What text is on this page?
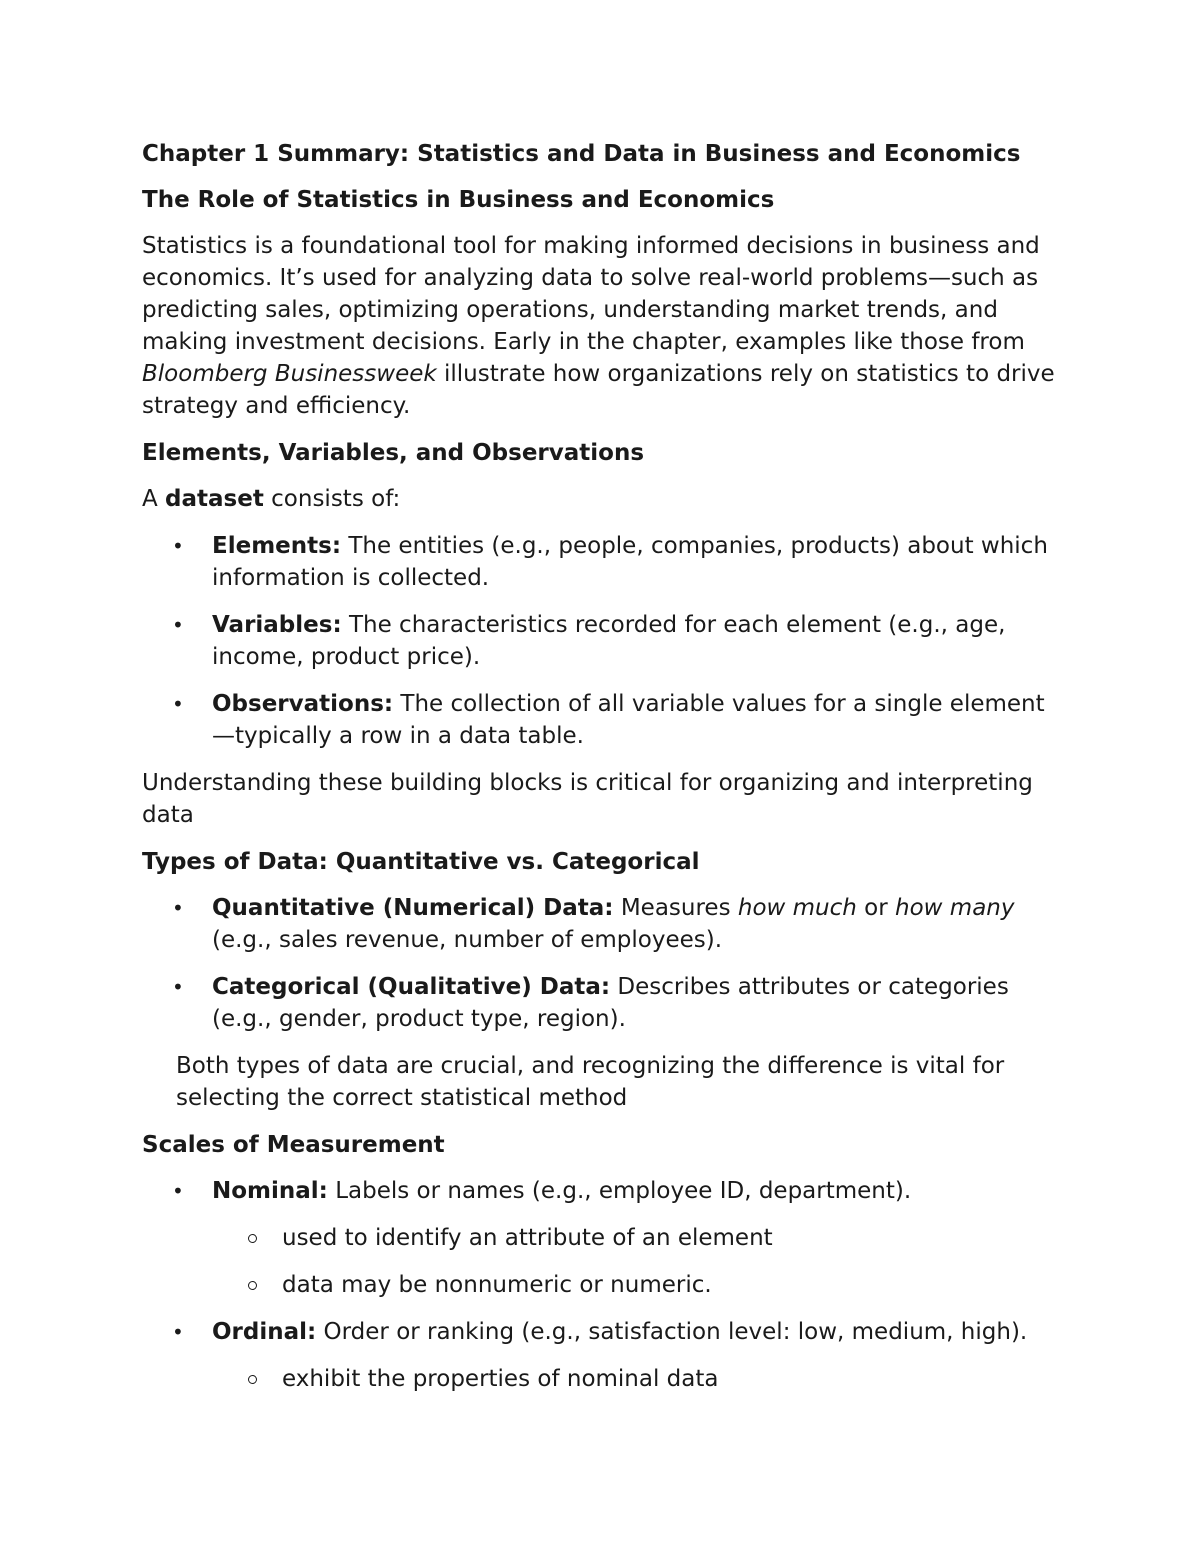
Chapter 1 Summary: Statistics and Data in Business and Economics
The Role of Statistics in Business and Economics

Statistics is a foundational tool for making informed decisions in business and economics. It’s used for analyzing data to solve real-world problems—such as predicting sales, optimizing operations, understanding market trends, and making investment decisions. Early in the chapter, examples like those from Bloomberg Businessweek illustrate how organizations rely on statistics to drive strategy and efficiency.

Elements, Variables, and Observations

A dataset consists of:

• Elements: The entities (e.g., people, companies, products) about which information is collected.
• Variables: The characteristics recorded for each element (e.g., age, income, product price).
• Observations: The collection of all variable values for a single element—typically a row in a data table.

Understanding these building blocks is critical for organizing and interpreting data

Types of Data: Quantitative vs. Categorical
• Quantitative (Numerical) Data: Measures how much or how many (e.g., sales revenue, number of employees).
• Categorical (Qualitative) Data: Describes attributes or categories (e.g., gender, product type, region).

Both types of data are crucial, and recognizing the difference is vital for selecting the correct statistical method

Scales of Measurement
• Nominal: Labels or names (e.g., employee ID, department).
used to identify an attribute of an element
data may be nonnumeric or numeric.
• Ordinal: Order or ranking (e.g., satisfaction level: low, medium, high).
exhibit the properties of nominal data
